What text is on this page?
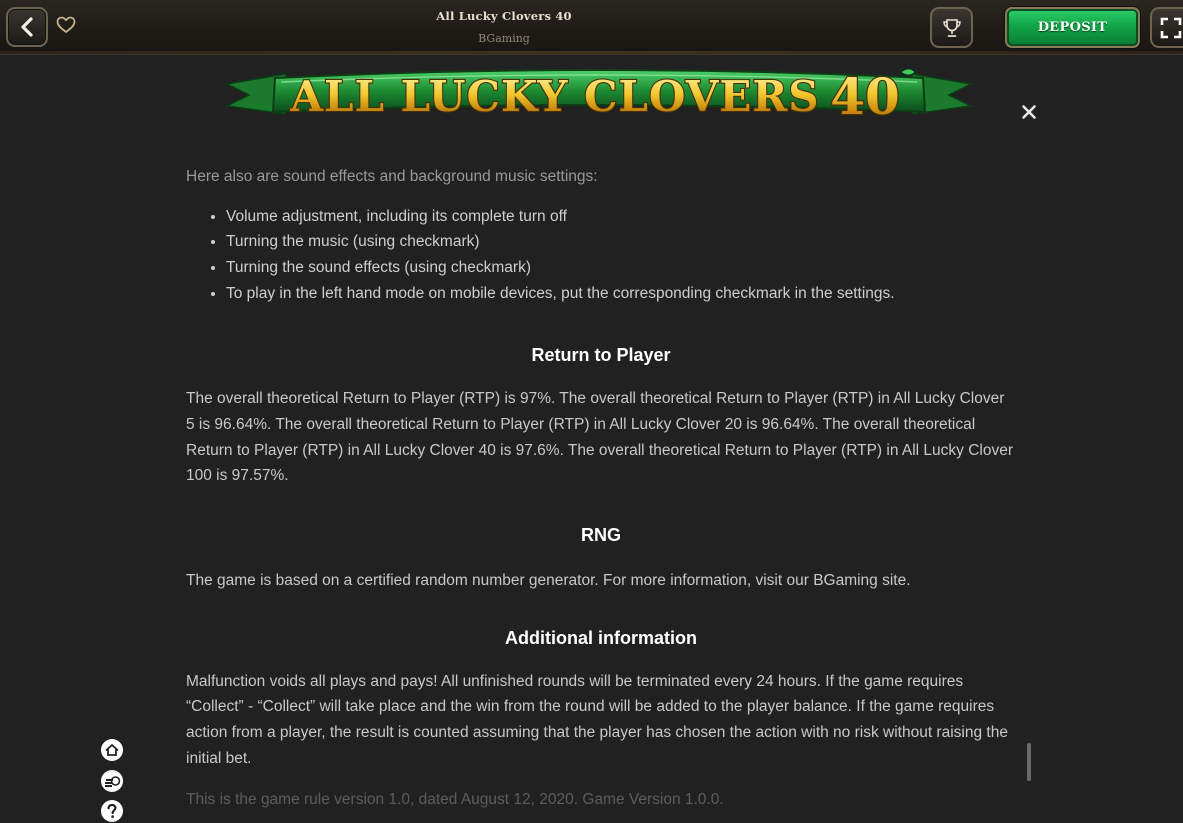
All Lucky Clovers 40
BGaming
DEPOSIT
ALL LUCKY CLOVERS 40

Here also are sound effects and background music settings:

• Volume adjustment, including its complete turn off
• Turning the music (using checkmark)
• Turning the sound effects (using checkmark)
• To play in the left hand mode on mobile devices, put the corresponding checkmark in the settings.
Return to Player

The overall theoretical Return to Player (RTP) is 97%. The overall theoretical Return to Player (RTP) in All Lucky Clover 5 is 96.64%. The overall theoretical Return to Player (RTP) in All Lucky Clover 20 is 96.64%. The overall theoretical Return to Player (RTP) in All Lucky Clover 40 is 97.6%. The overall theoretical Return to Player (RTP) in All Lucky Clover 100 is 97.57%.

RNG

The game is based on a certified random number generator. For more information, visit our BGaming site.

Additional information

Malfunction voids all plays and pays! All unfinished rounds will be terminated every 24 hours. If the game requires “Collect” - “Collect” will take place and the win from the round will be added to the player balance. If the game requires action from a player, the result is counted assuming that the player has chosen the action with no risk without raising the initial bet.

This is the game rule version 1.0, dated August 12, 2020. Game Version 1.0.0.
